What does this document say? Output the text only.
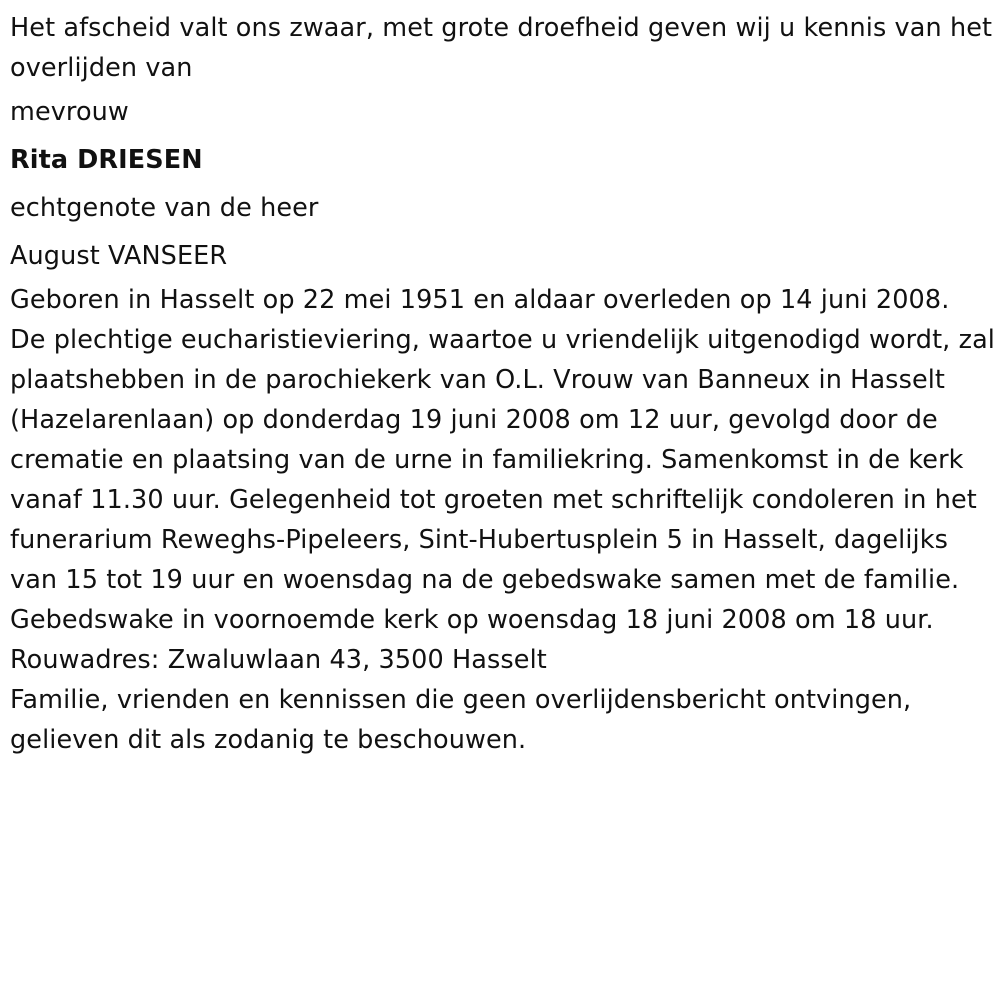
Het afscheid valt ons zwaar, met grote droefheid geven wij u kennis van het overlijden van

mevrouw

Rita DRIESEN

echtgenote van de heer

August VANSEER

Geboren in Hasselt op 22 mei 1951 en aldaar overleden op 14 juni 2008.

De plechtige eucharistieviering, waartoe u vriendelijk uitgenodigd wordt, zal plaatshebben in de parochiekerk van O.L. Vrouw van Banneux in Hasselt (Hazelarenlaan) op donderdag 19 juni 2008 om 12 uur, gevolgd door de crematie en plaatsing van de urne in familiekring. Samenkomst in de kerk vanaf 11.30 uur. Gelegenheid tot groeten met schriftelijk condoleren in het funerarium Reweghs-Pipeleers, Sint-Hubertusplein 5 in Hasselt, dagelijks van 15 tot 19 uur en woensdag na de gebedswake samen met de familie. Gebedswake in voornoemde kerk op woensdag 18 juni 2008 om 18 uur.

Rouwadres: Zwaluwlaan 43, 3500 Hasselt

Familie, vrienden en kennissen die geen overlijdensbericht ontvingen, gelieven dit als zodanig te beschouwen.
